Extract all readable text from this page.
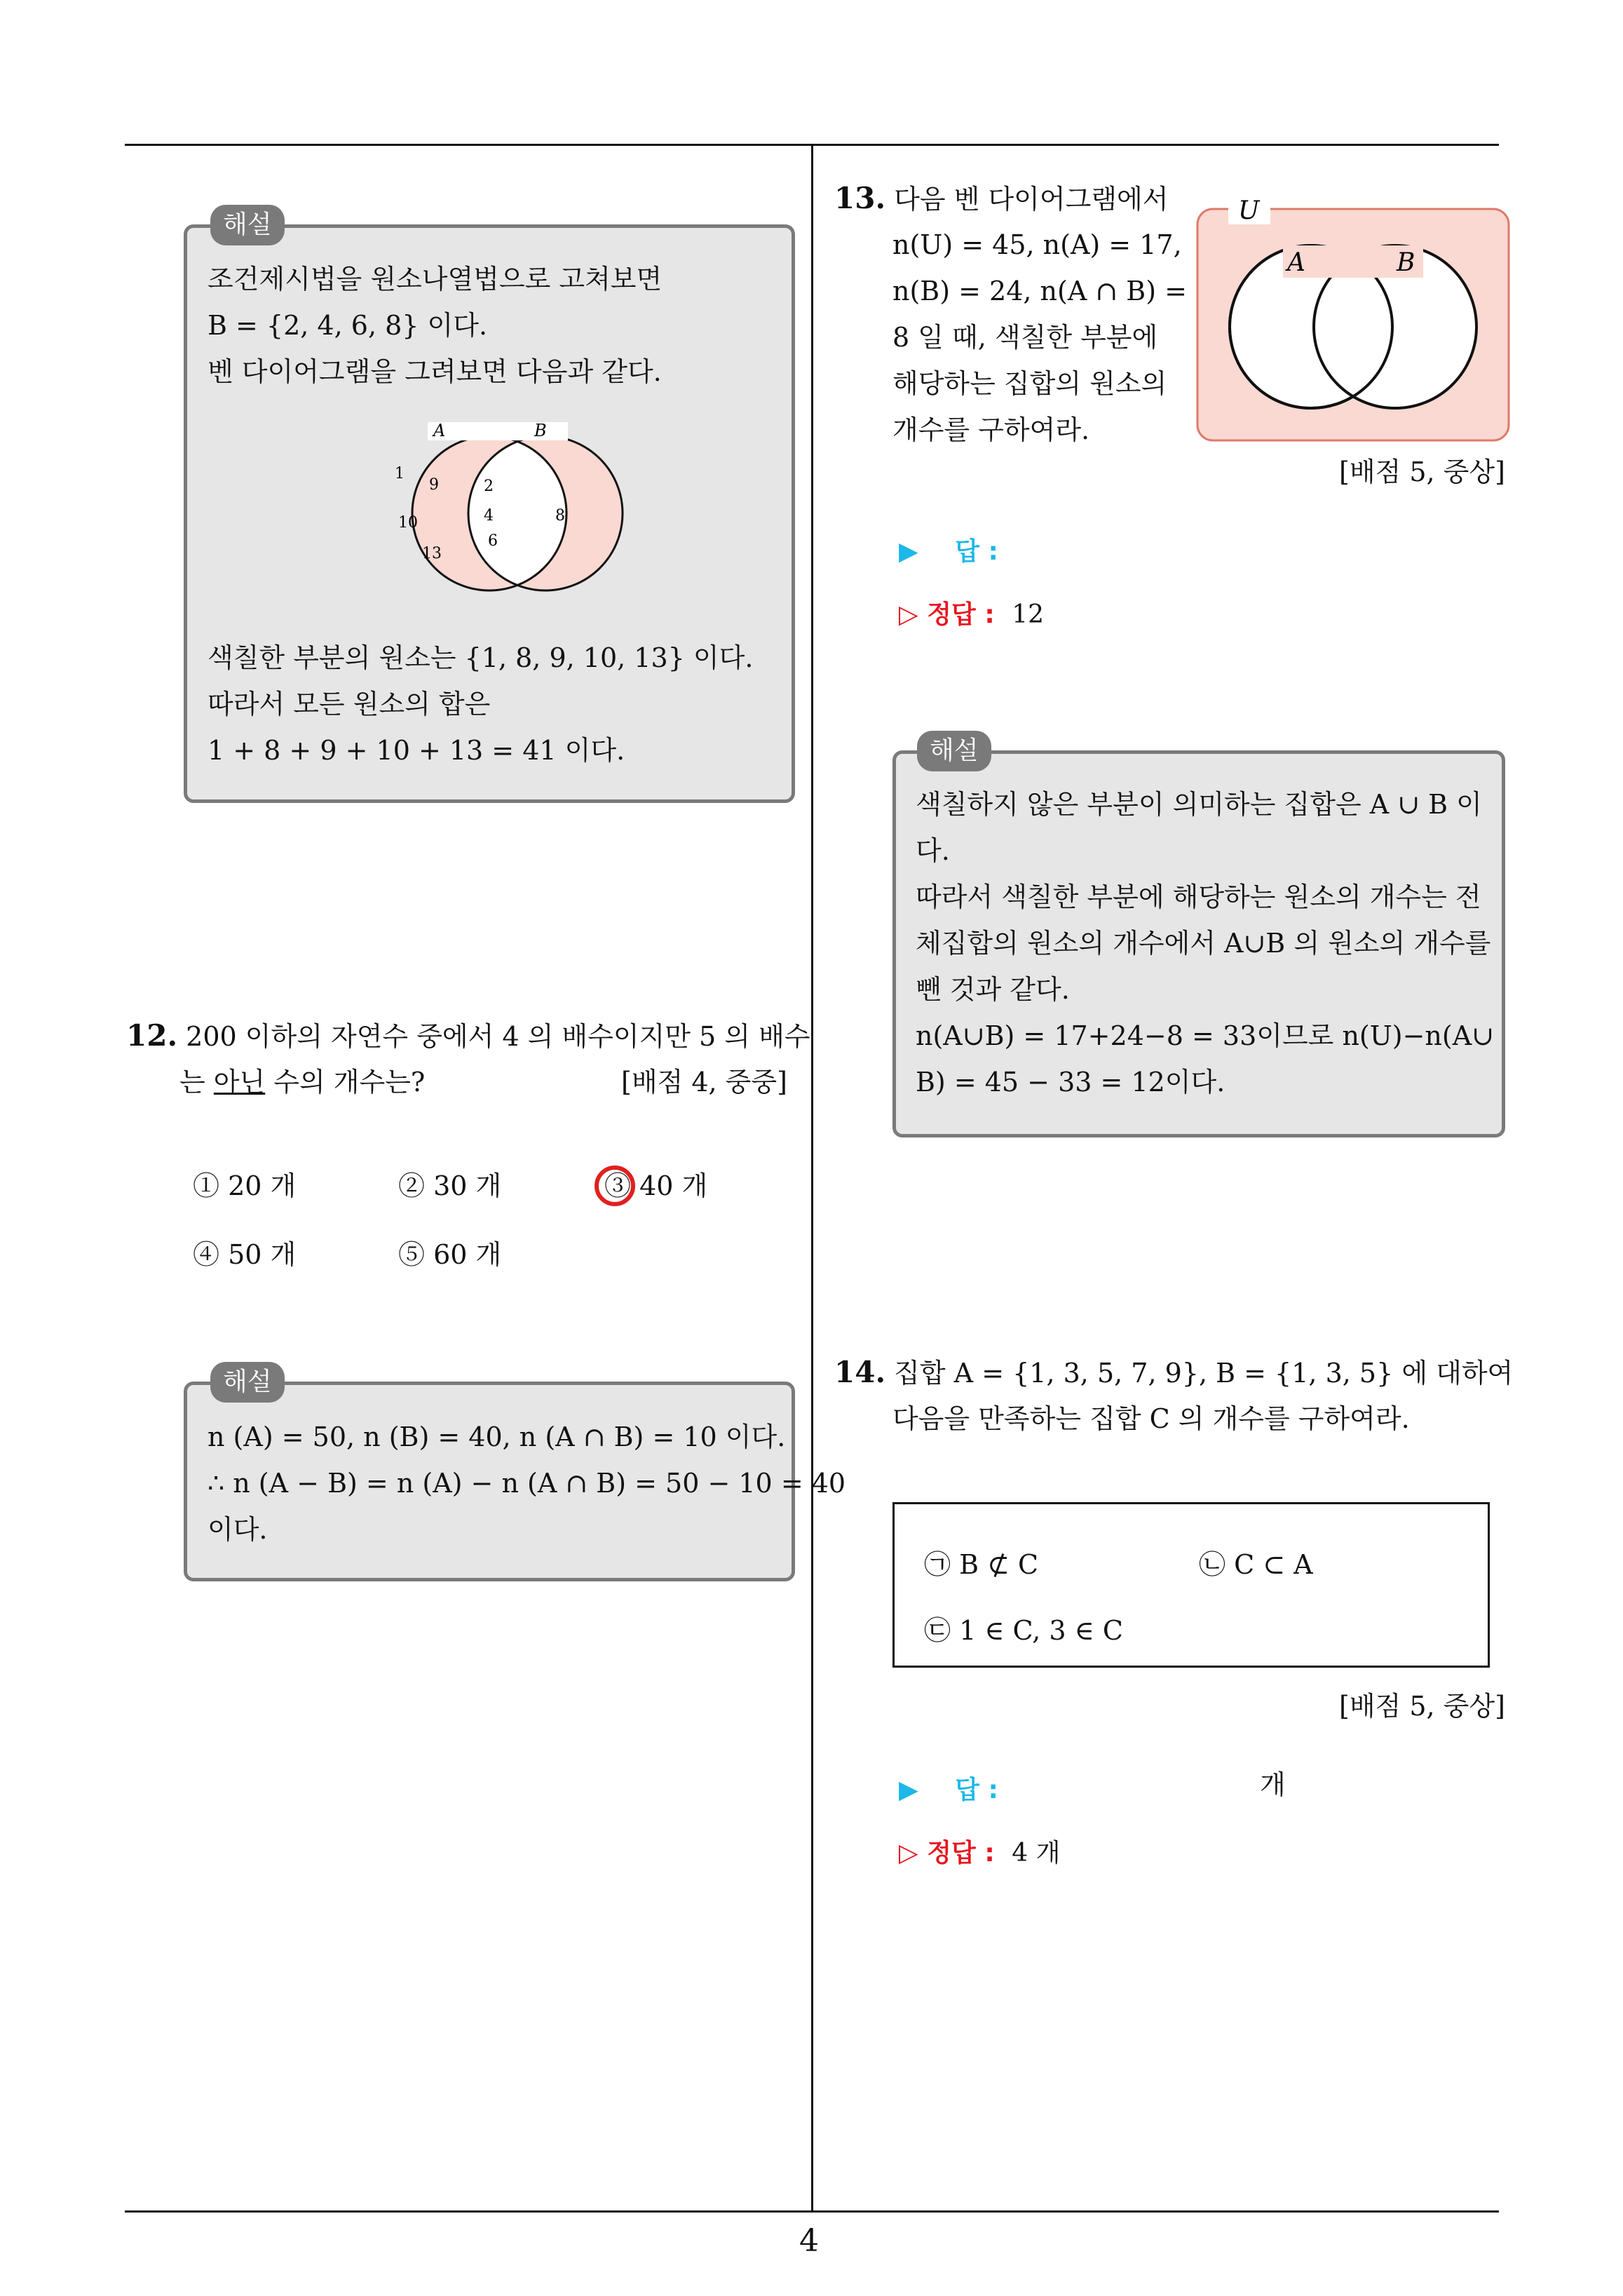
4
해설
조건제시법을 원소나열법으로 고쳐보면
B = {2, 4, 6, 8} 이다.
벤 다이어그램을 그려보면 다음과 같다.
A	B
1
9
10
13
2
4
6
8
색칠한 부분의 원소는 {1, 8, 9, 10, 13} 이다.
따라서 모든 원소의 합은
1 + 8 + 9 + 10 + 13 = 41 이다.
12. 200 이하의 자연수 중에서 4 의 배수이지만 5 의 배수
는 아닌 수의 개수는?	[배점 4, 중중]
① 20 개	② 30 개	③ 40 개
④ 50 개	⑤ 60 개
해설
n (A) = 50, n (B) = 40, n (A ∩ B) = 10 이다.
∴ n (A − B) = n (A) − n (A ∩ B) = 50 − 10 = 40
이다.
13. 다음 벤 다이어그램에서
n(U) = 45, n(A) = 17,
n(B) = 24, n(A ∩ B) =
8 일 때, 색칠한 부분에
해당하는 집합의 원소의
개수를 구하여라.
U
A	B
[배점 5, 중상]
▶ 답 :
▷ 정답 : 12
해설
색칠하지 않은 부분이 의미하는 집합은 A ∪ B 이
다.
따라서 색칠한 부분에 해당하는 원소의 개수는 전
체집합의 원소의 개수에서 A∪B 의 원소의 개수를
뺀 것과 같다.
n(A∪B) = 17+24−8 = 33이므로 n(U)−n(A∪
B) = 45 − 33 = 12이다.
14. 집합 A = {1, 3, 5, 7, 9}, B = {1, 3, 5} 에 대하여
다음을 만족하는 집합 C 의 개수를 구하여라.
㉠ B ⊄ C	㉡ C ⊂ A
㉢ 1 ∈ C, 3 ∈ C
[배점 5, 중상]
▶ 답 :	개
▷ 정답 : 4 개
